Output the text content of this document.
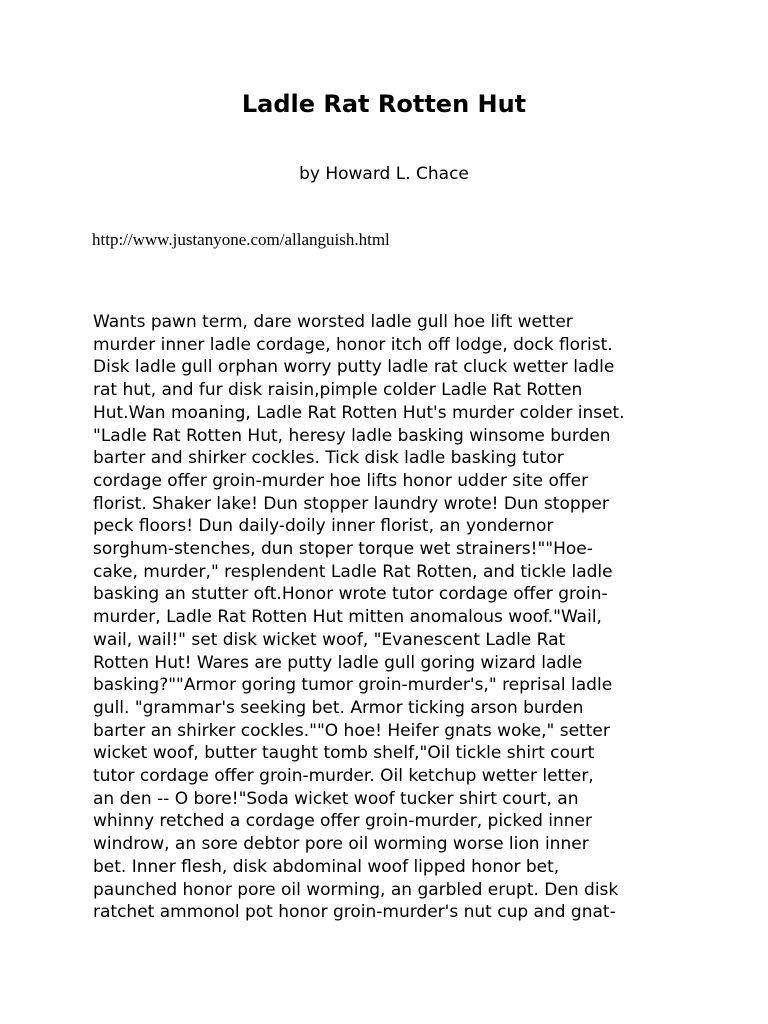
Ladle Rat Rotten Hut

by Howard L. Chace

http://www.justanyone.com/allanguish.html

Wants pawn term, dare worsted ladle gull hoe lift wetter
murder inner ladle cordage, honor itch off lodge, dock florist.
Disk ladle gull orphan worry putty ladle rat cluck wetter ladle
rat hut, and fur disk raisin,pimple colder Ladle Rat Rotten
Hut.Wan moaning, Ladle Rat Rotten Hut's murder colder inset.
"Ladle Rat Rotten Hut, heresy ladle basking winsome burden
barter and shirker cockles. Tick disk ladle basking tutor
cordage offer groin-murder hoe lifts honor udder site offer
florist. Shaker lake! Dun stopper laundry wrote! Dun stopper
peck floors! Dun daily-doily inner florist, an yondernor
sorghum-stenches, dun stoper torque wet strainers!""Hoe-
cake, murder," resplendent Ladle Rat Rotten, and tickle ladle
basking an stutter oft.Honor wrote tutor cordage offer groin-
murder, Ladle Rat Rotten Hut mitten anomalous woof."Wail,
wail, wail!" set disk wicket woof, "Evanescent Ladle Rat
Rotten Hut! Wares are putty ladle gull goring wizard ladle
basking?""Armor goring tumor groin-murder's," reprisal ladle
gull. "grammar's seeking bet. Armor ticking arson burden
barter an shirker cockles.""O hoe! Heifer gnats woke," setter
wicket woof, butter taught tomb shelf,"Oil tickle shirt court
tutor cordage offer groin-murder. Oil ketchup wetter letter,
an den -- O bore!"Soda wicket woof tucker shirt court, an
whinny retched a cordage offer groin-murder, picked inner
windrow, an sore debtor pore oil worming worse lion inner
bet. Inner flesh, disk abdominal woof lipped honor bet,
paunched honor pore oil worming, an garbled erupt. Den disk
ratchet ammonol pot honor groin-murder's nut cup and gnat-
